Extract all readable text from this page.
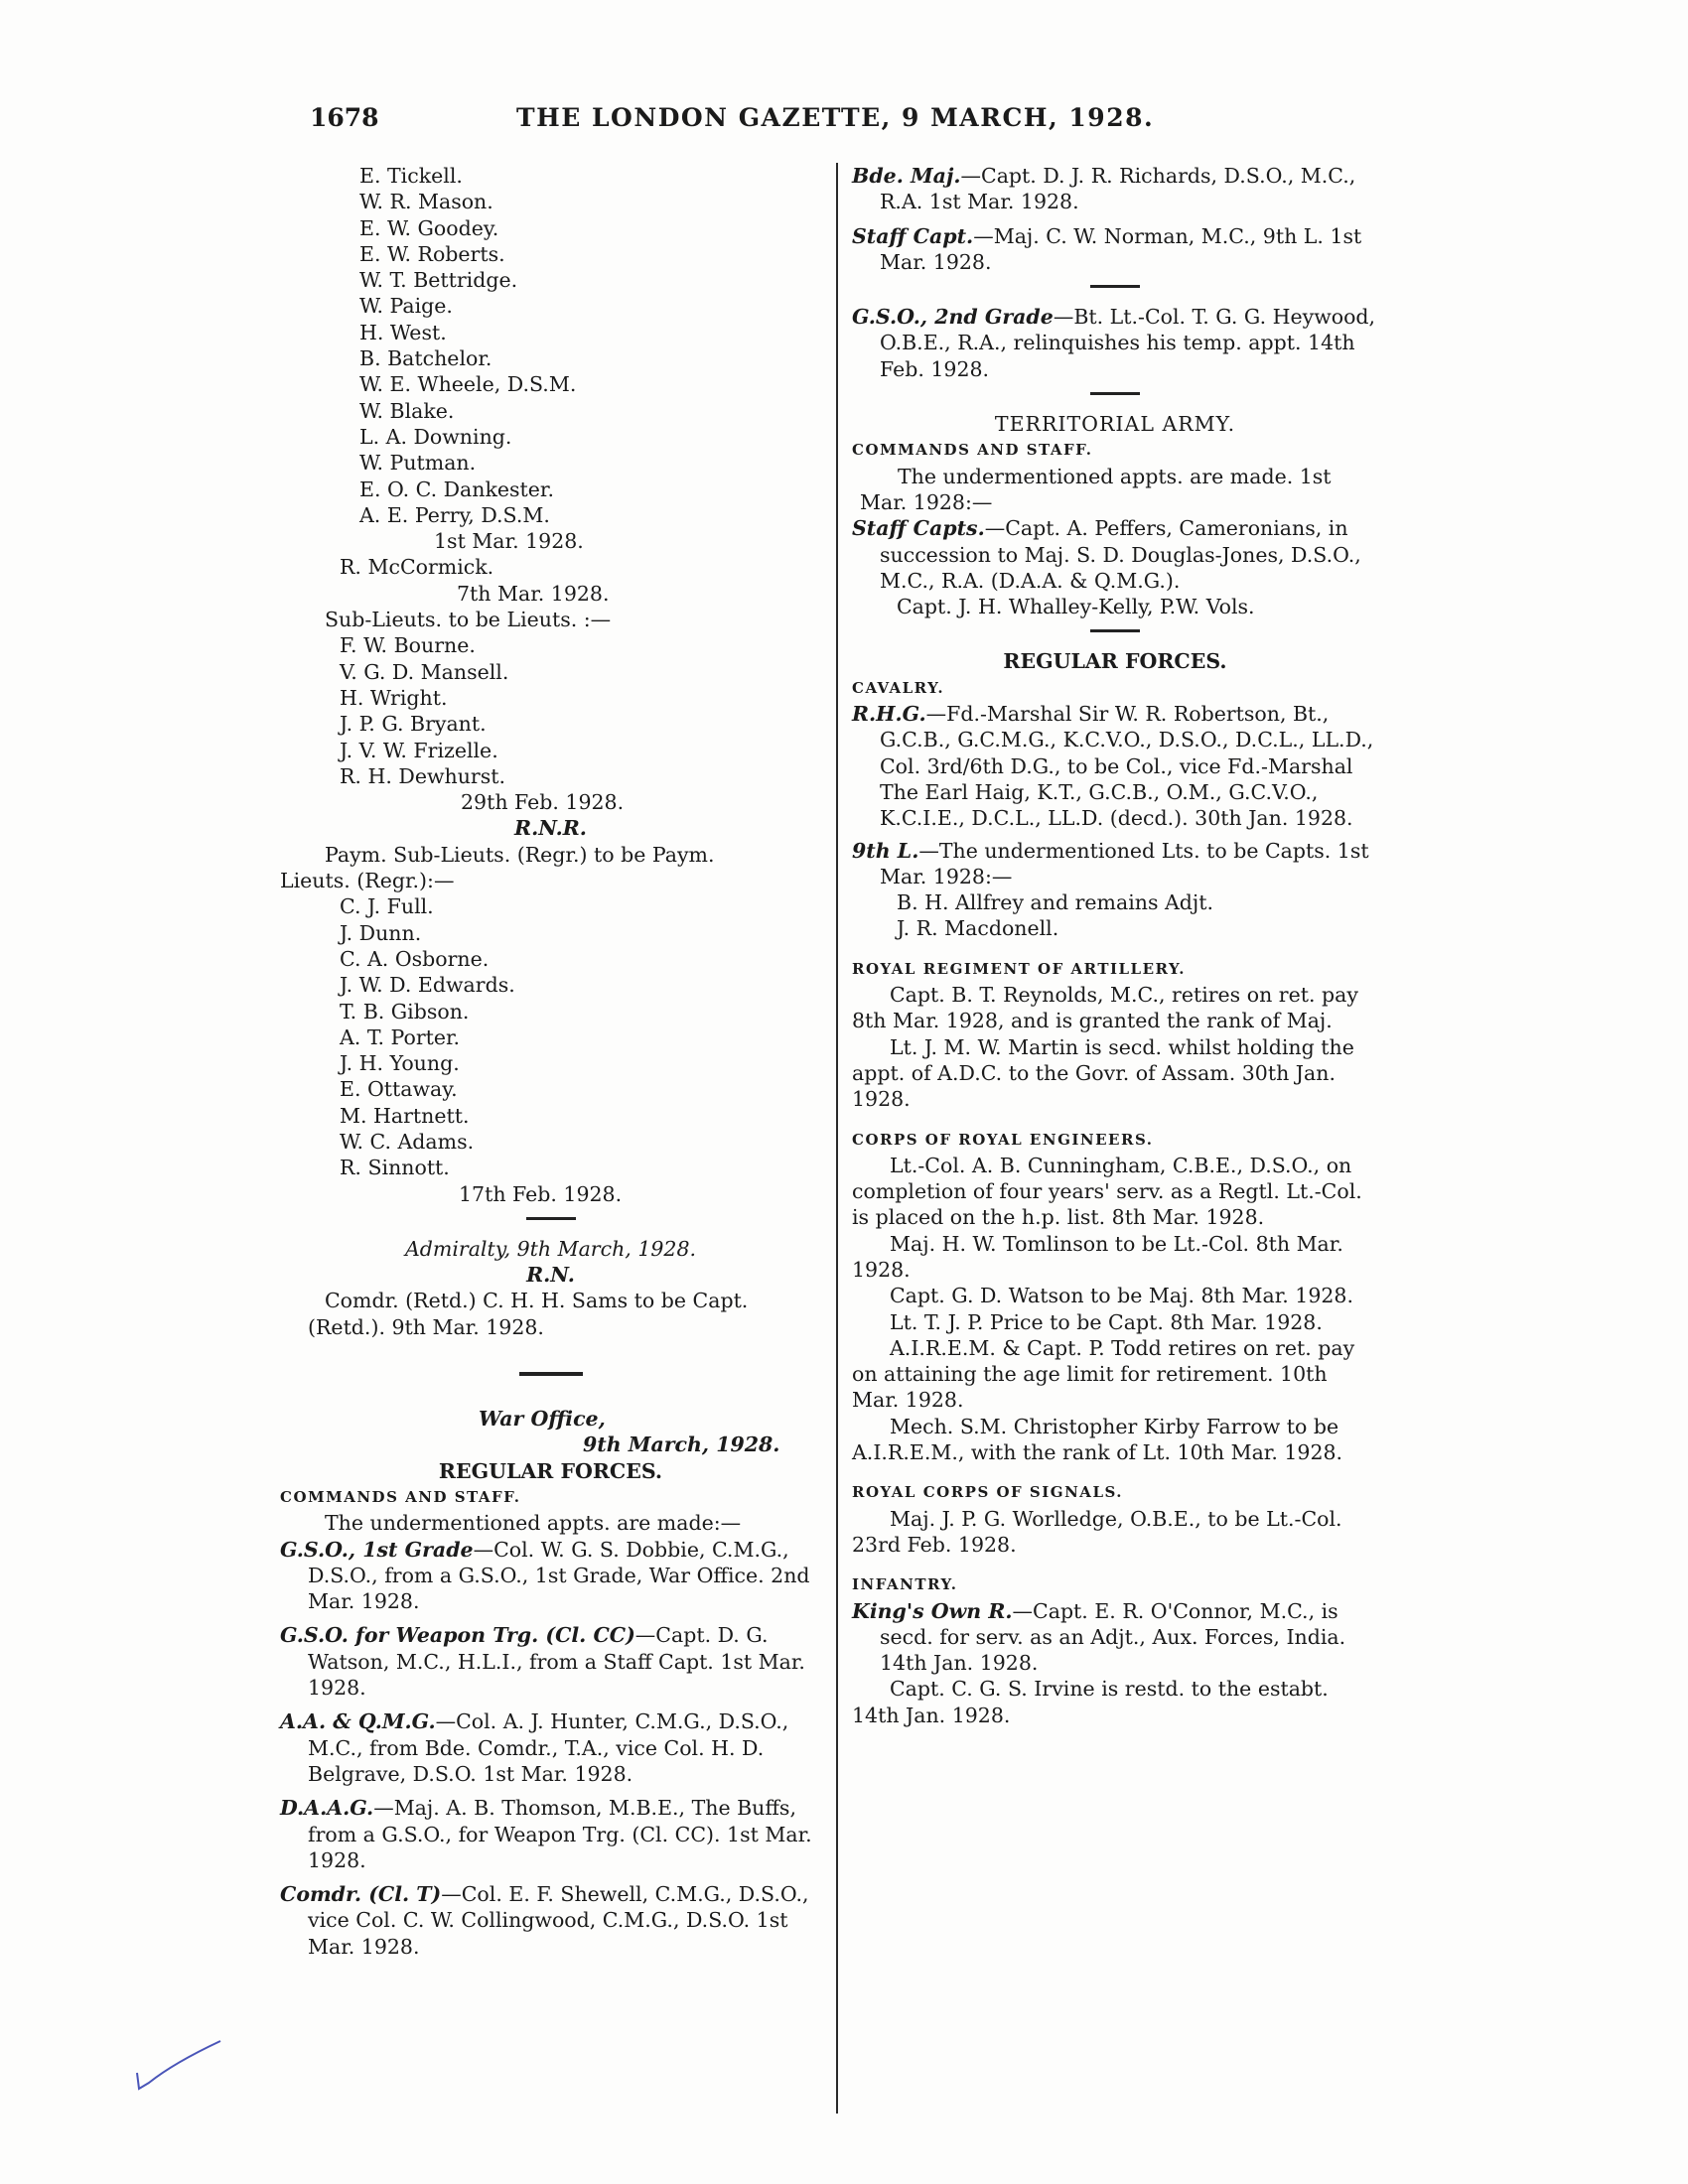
1678	THE LONDON GAZETTE, 9 MARCH, 1928.
E. Tickell.
W. R. Mason.
E. W. Goodey.
E. W. Roberts.
W. T. Bettridge.
W. Paige.
H. West.
B. Batchelor.
W. E. Wheele, D.S.M.
W. Blake.
L. A. Downing.
W. Putman.
E. O. C. Dankester.
A. E. Perry, D.S.M.
1st Mar. 1928.
R. McCormick.
7th Mar. 1928.
Sub-Lieuts. to be Lieuts. :—
F. W. Bourne.
V. G. D. Mansell.
H. Wright.
J. P. G. Bryant.
J. V. W. Frizelle.
R. H. Dewhurst.
29th Feb. 1928.
R.N.R.
Paym. Sub-Lieuts. (Regr.) to be Paym.
Lieuts. (Regr.):—
C. J. Full.
J. Dunn.
C. A. Osborne.
J. W. D. Edwards.
T. B. Gibson.
A. T. Porter.
J. H. Young.
E. Ottaway.
M. Hartnett.
W. C. Adams.
R. Sinnott.
17th Feb. 1928.
Admiralty, 9th March, 1928.
R.N.
Comdr. (Retd.) C. H. H. Sams to be Capt.
(Retd.). 9th Mar. 1928.
War Office,
9th March, 1928.
REGULAR FORCES.
COMMANDS AND STAFF.
The undermentioned appts. are made:—
G.S.O., 1st Grade—Col. W. G. S. Dobbie, C.M.G., D.S.O., from a G.S.O., 1st Grade, War Office. 2nd Mar. 1928.
G.S.O. for Weapon Trg. (Cl. CC)—Capt. D. G. Watson, M.C., H.L.I., from a Staff Capt. 1st Mar. 1928.
A.A. & Q.M.G.—Col. A. J. Hunter, C.M.G., D.S.O., M.C., from Bde. Comdr., T.A., vice Col. H. D. Belgrave, D.S.O. 1st Mar. 1928.
D.A.A.G.—Maj. A. B. Thomson, M.B.E., The Buffs, from a G.S.O., for Weapon Trg. (Cl. CC). 1st Mar. 1928.
Comdr. (Cl. T)—Col. E. F. Shewell, C.M.G., D.S.O., vice Col. C. W. Collingwood, C.M.G., D.S.O. 1st Mar. 1928.
Bde. Maj.—Capt. D. J. R. Richards, D.S.O., M.C., R.A. 1st Mar. 1928.
Staff Capt.—Maj. C. W. Norman, M.C., 9th L. 1st Mar. 1928.
G.S.O., 2nd Grade—Bt. Lt.-Col. T. G. G. Heywood, O.B.E., R.A., relinquishes his temp. appt. 14th Feb. 1928.
TERRITORIAL ARMY.
COMMANDS AND STAFF.
The undermentioned appts. are made. 1st Mar. 1928:—
Staff Capts.—Capt. A. Peffers, Cameronians, in succession to Maj. S. D. Douglas-Jones, D.S.O., M.C., R.A. (D.A.A. & Q.M.G.).
Capt. J. H. Whalley-Kelly, P.W. Vols.
REGULAR FORCES.
CAVALRY.
R.H.G.—Fd.-Marshal Sir W. R. Robertson, Bt., G.C.B., G.C.M.G., K.C.V.O., D.S.O., D.C.L., LL.D., Col. 3rd/6th D.G., to be Col., vice Fd.-Marshal The Earl Haig, K.T., G.C.B., O.M., G.C.V.O., K.C.I.E., D.C.L., LL.D. (decd.). 30th Jan. 1928.
9th L.—The undermentioned Lts. to be Capts. 1st Mar. 1928:—
B. H. Allfrey and remains Adjt.
J. R. Macdonell.
ROYAL REGIMENT OF ARTILLERY.
Capt. B. T. Reynolds, M.C., retires on ret. pay 8th Mar. 1928, and is granted the rank of Maj.
Lt. J. M. W. Martin is secd. whilst holding the appt. of A.D.C. to the Govr. of Assam. 30th Jan. 1928.
CORPS OF ROYAL ENGINEERS.
Lt.-Col. A. B. Cunningham, C.B.E., D.S.O., on completion of four years' serv. as a Regtl. Lt.-Col. is placed on the h.p. list. 8th Mar. 1928.
Maj. H. W. Tomlinson to be Lt.-Col. 8th Mar. 1928.
Capt. G. D. Watson to be Maj. 8th Mar. 1928.
Lt. T. J. P. Price to be Capt. 8th Mar. 1928.
A.I.R.E.M. & Capt. P. Todd retires on ret. pay on attaining the age limit for retirement. 10th Mar. 1928.
Mech. S.M. Christopher Kirby Farrow to be A.I.R.E.M., with the rank of Lt. 10th Mar. 1928.
ROYAL CORPS OF SIGNALS.
Maj. J. P. G. Worlledge, O.B.E., to be Lt.-Col. 23rd Feb. 1928.
INFANTRY.
King's Own R.—Capt. E. R. O'Connor, M.C., is secd. for serv. as an Adjt., Aux. Forces, India. 14th Jan. 1928.
Capt. C. G. S. Irvine is restd. to the estabt. 14th Jan. 1928.
